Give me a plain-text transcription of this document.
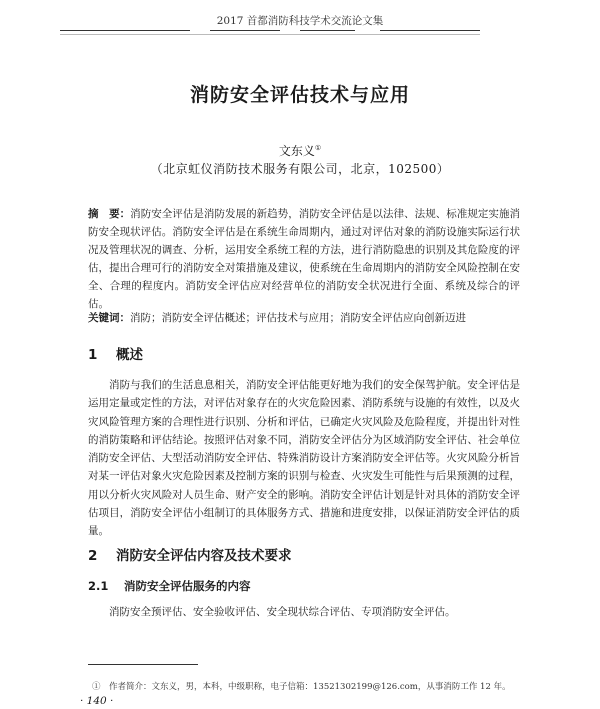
2017 首都消防科技学术交流论文集
消防安全评估技术与应用
文东义①
（北京虹仪消防技术服务有限公司，北京，102500）
摘　要：消防安全评估是消防发展的新趋势，消防安全评估是以法律、法规、标准规定实施消防安全现状评估。消防安全评估是在系统生命周期内，通过对评估对象的消防设施实际运行状况及管理状况的调查、分析，运用安全系统工程的方法，进行消防隐患的识别及其危险度的评估，提出合理可行的消防安全对策措施及建议，使系统在生命周期内的消防安全风险控制在安全、合理的程度内。消防安全评估应对经营单位的消防安全状况进行全面、系统及综合的评估。
关键词：消防；消防安全评估概述；评估技术与应用；消防安全评估应向创新迈进
1 概述
消防与我们的生活息息相关，消防安全评估能更好地为我们的安全保驾护航。安全评估是运用定量或定性的方法，对评估对象存在的火灾危险因素、消防系统与设施的有效性，以及火灾风险管理方案的合理性进行识别、分析和评估，已确定火灾风险及危险程度，并提出针对性的消防策略和评估结论。按照评估对象不同，消防安全评估分为区域消防安全评估、社会单位消防安全评估、大型活动消防安全评估、特殊消防设计方案消防安全评估等。火灾风险分析旨对某一评估对象火灾危险因素及控制方案的识别与检查、火灾发生可能性与后果预测的过程，用以分析火灾风险对人员生命、财产安全的影响。消防安全评估计划是针对具体的消防安全评估项目，消防安全评估小组制订的具体服务方式、措施和进度安排，以保证消防安全评估的质量。
2 消防安全评估内容及技术要求
2.1 消防安全评估服务的内容
消防安全预评估、安全验收评估、安全现状综合评估、专项消防安全评估。
①　作者简介：文东义，男，本科，中级职称，电子信箱：13521302199@126.com，从事消防工作 12 年。
· 140 ·
